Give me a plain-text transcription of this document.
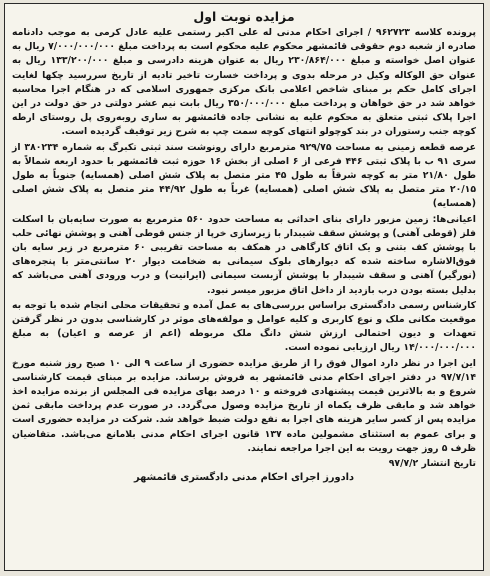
مزایده نوبت اول

پرونده کلاسه ۹۶۲۷۲۳ / اجرای احکام مدنی له علی اکبر رستمی علیه عادل کرمی به موجب دادنامه صادره از شعبه دوم حقوقی قائمشهر محکوم علیه محکوم است به پرداخت مبلغ ۷/۰۰۰/۰۰۰/۰۰۰ ریال به عنوان اصل خواسته و مبلغ ۲۳۰/۸۶۴/۰۰۰ ریال به عنوان هزینه دادرسی و مبلغ ۱۳۳/۲۰۰/۰۰۰ ریال به عنوان حق الوکاله وکیل در مرحله بدوی و پرداخت خسارت تاخیر تادیه از تاریخ سررسید چکها لغایت اجرای کامل حکم بر مبنای شاخص اعلامی بانک مرکزی جمهوری اسلامی که در هنگام اجرا محاسبه خواهد شد در حق خواهان و پرداخت مبلغ ۳۵۰/۰۰۰/۰۰۰ ریال بابت نیم عشر دولتی در حق دولت در این اجرا پلاک ثبتی متعلق به محکوم علیه به نشانی جاده قائمشهر به ساری روبه‌روی پل روستای ارطه کوچه جنب رستوران در بند کوچولو انتهای کوچه سمت چپ به شرح زیر توقیف گردیده است.

عرصه قطعه زمینی به مساحت ۹۲۹/۷۵ مترمربع دارای رونوشت سند ثبتی تکبرگ به شماره ۳۸۰۲۳۴ از سری ۹۱ ب با پلاک ثبتی ۴۴۶ فرعی از ۶ اصلی از بخش ۱۶ حوزه ثبت قائمشهر با حدود اربعه شمالاً به طول ۲۱/۸۰ متر به کوچه شرقاً به طول ۴۵ متر متصل به پلاک شش اصلی (همسایه) جنوباً به طول ۲۰/۱۵ متر متصل به پلاک شش اصلی (همسایه) غرباً به طول ۴۴/۹۲ متر متصل به پلاک شش اصلی (همسایه)

اعیانی‌ها: زمین مزبور دارای بنای احداثی به مساحت حدود ۵۶۰ مترمربع به صورت سایه‌بان با اسکلت فلز (قوطی آهنی) و پوشش سقف شیبدار با زیرسازی خرپا از جنس قوطی آهنی و پوشش نهائی حلب با پوشش کف بتنی و یک اتاق کارگاهی در همکف به مساحت تقریبی ۶۰ مترمربع در زیر سایه بان فوق‌الاشاره ساخته شده که دیوارهای بلوک سیمانی به ضخامت دیوار ۲۰ سانتی‌متر با پنجره‌های (نورگیر) آهنی و سقف شیبدار با پوشش آزبست سیمانی (ایرانیت) و درب ورودی آهنی می‌باشد که بدلیل بسته بودن درب بازدید از داخل اتاق مزبور میسر نبود.

کارشناس رسمی دادگستری براساس بررسی‌های به عمل آمده و تحقیقات محلی انجام شده با توجه به موقعیت مکانی ملک و نوع کاربری و کلیه عوامل و مولفه‌های موثر در کارشناسی بدون در نظر گرفتن تعهدات و دیون احتمالی ارزش شش دانگ ملک مربوطه (اعم از عرصه و اعیان) به مبلغ ۱۴/۰۰۰/۰۰۰/۰۰۰ ریال ارزیابی نموده است.

این اجرا در نظر دارد اموال فوق را از طریق مزایده حضوری از ساعت ۹ الی ۱۰ صبح روز شنبه مورخ ۹۷/۷/۱۴ در دفتر اجرای احکام مدنی قائمشهر به فروش برساند. مزایده بر مبنای قیمت کارشناسی شروع و به بالاترین قیمت پیشنهادی فروخته و ۱۰ درصد بهای مزایده فی المجلس از برنده مزایده اخذ خواهد شد و مابقی ظرف یکماه از تاریخ مزایده وصول می‌گردد. در صورت عدم پرداخت مابقی ثمن مزایده پس از کسر سایر هزینه های اجرا به نفع دولت ضبط خواهد شد. شرکت در مزایده حضوری است و برای عموم به استثنای مشمولین ماده ۱۳۷ قانون اجرای احکام مدنی بلامانع می‌باشد. متقاضیان ظرف ۵ روز جهت رویت به این اجرا مراجعه نمایند.

تاریخ انتشار ۹۷/۷/۲
دادورز اجرای احکام مدنی دادگستری قائمشهر
